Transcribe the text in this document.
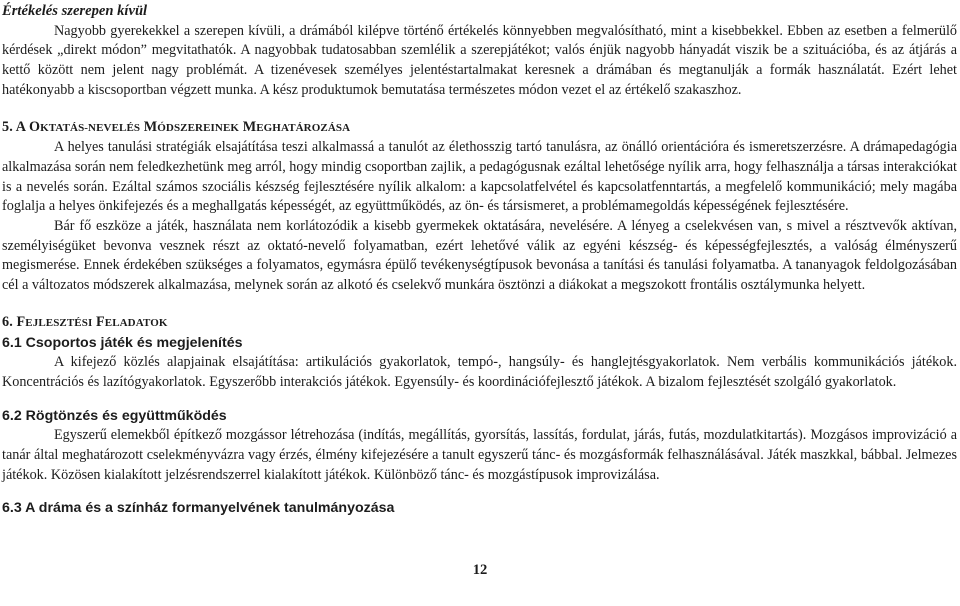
Értékelés szerepen kívül

Nagyobb gyerekekkel a szerepen kívüli, a drámából kilépve történő értékelés könnyebben megvalósítható, mint a kisebbekkel. Ebben az esetben a felmerülő kérdések „direkt módon” megvitathatók. A nagyobbak tudatosabban szemlélik a szerepjátékot; valós énjük nagyobb hányadát viszik be a szituációba, és az átjárás a kettő között nem jelent nagy problémát. A tizenévesek személyes jelentéstartalmakat keresnek a drámában és megtanulják a formák használatát. Ezért lehet hatékonyabb a kiscsoportban végzett munka. A kész produktumok bemutatása természetes módon vezet el az értékelő szakaszhoz.

5. A OKTATÁS-NEVELÉS MÓDSZEREINEK MEGHATÁROZÁSA

A helyes tanulási stratégiák elsajátítása teszi alkalmassá a tanulót az élethosszig tartó tanulásra, az önálló orientációra és ismeretszerzésre. A drámapedagógia alkalmazása során nem feledkezhetünk meg arról, hogy mindig csoportban zajlik, a pedagógusnak ezáltal lehetősége nyílik arra, hogy felhasználja a társas interakciókat is a nevelés során. Ezáltal számos szociális készség fejlesztésére nyílik alkalom: a kapcsolatfelvétel és kapcsolatfenntartás, a megfelelő kommunikáció; mely magába foglalja a helyes önkifejezés és a meghallgatás képességét, az együttműködés, az ön- és társismeret, a problémamegoldás képességének fejlesztésére.

Bár fő eszköze a játék, használata nem korlátozódik a kisebb gyermekek oktatására, nevelésére. A lényeg a cselekvésen van, s mivel a résztvevők aktívan, személyiségüket bevonva vesznek részt az oktató-nevelő folyamatban, ezért lehetővé válik az egyéni készség- és képességfejlesztés, a valóság élményszerű megismerése. Ennek érdekében szükséges a folyamatos, egymásra épülő tevékenységtípusok bevonása a tanítási és tanulási folyamatba. A tananyagok feldolgozásában cél a változatos módszerek alkalmazása, melynek során az alkotó és cselekvő munkára ösztönzi a diákokat a megszokott frontális osztálymunka helyett.

6. FEJLESZTÉSI FELADATOK
6.1 Csoportos játék és megjelenítés

A kifejező közlés alapjainak elsajátítása: artikulációs gyakorlatok, tempó-, hangsúly- és hanglejtésgyakorlatok. Nem verbális kommunikációs játékok. Koncentrációs és lazítógyakorlatok. Egyszerőbb interakciós játékok. Egyensúly- és koordinációfejlesztő játékok. A bizalom fejlesztését szolgáló gyakorlatok.

6.2 Rögtönzés és együttműködés

Egyszerű elemekből építkező mozgássor létrehozása (indítás, megállítás, gyorsítás, lassítás, fordulat, járás, futás, mozdulatkitartás). Mozgásos improvizáció a tanár által meghatározott cselekményvázra vagy érzés, élmény kifejezésére a tanult egyszerű tánc- és mozgásformák felhasználásával. Játék maszkkal, bábbal. Jelmezes játékok. Közösen kialakított jelzésrendszerrel kialakított játékok. Különböző tánc- és mozgástípusok improvizálása.

6.3 A dráma és a színház formanyelvének tanulmányozása
12
